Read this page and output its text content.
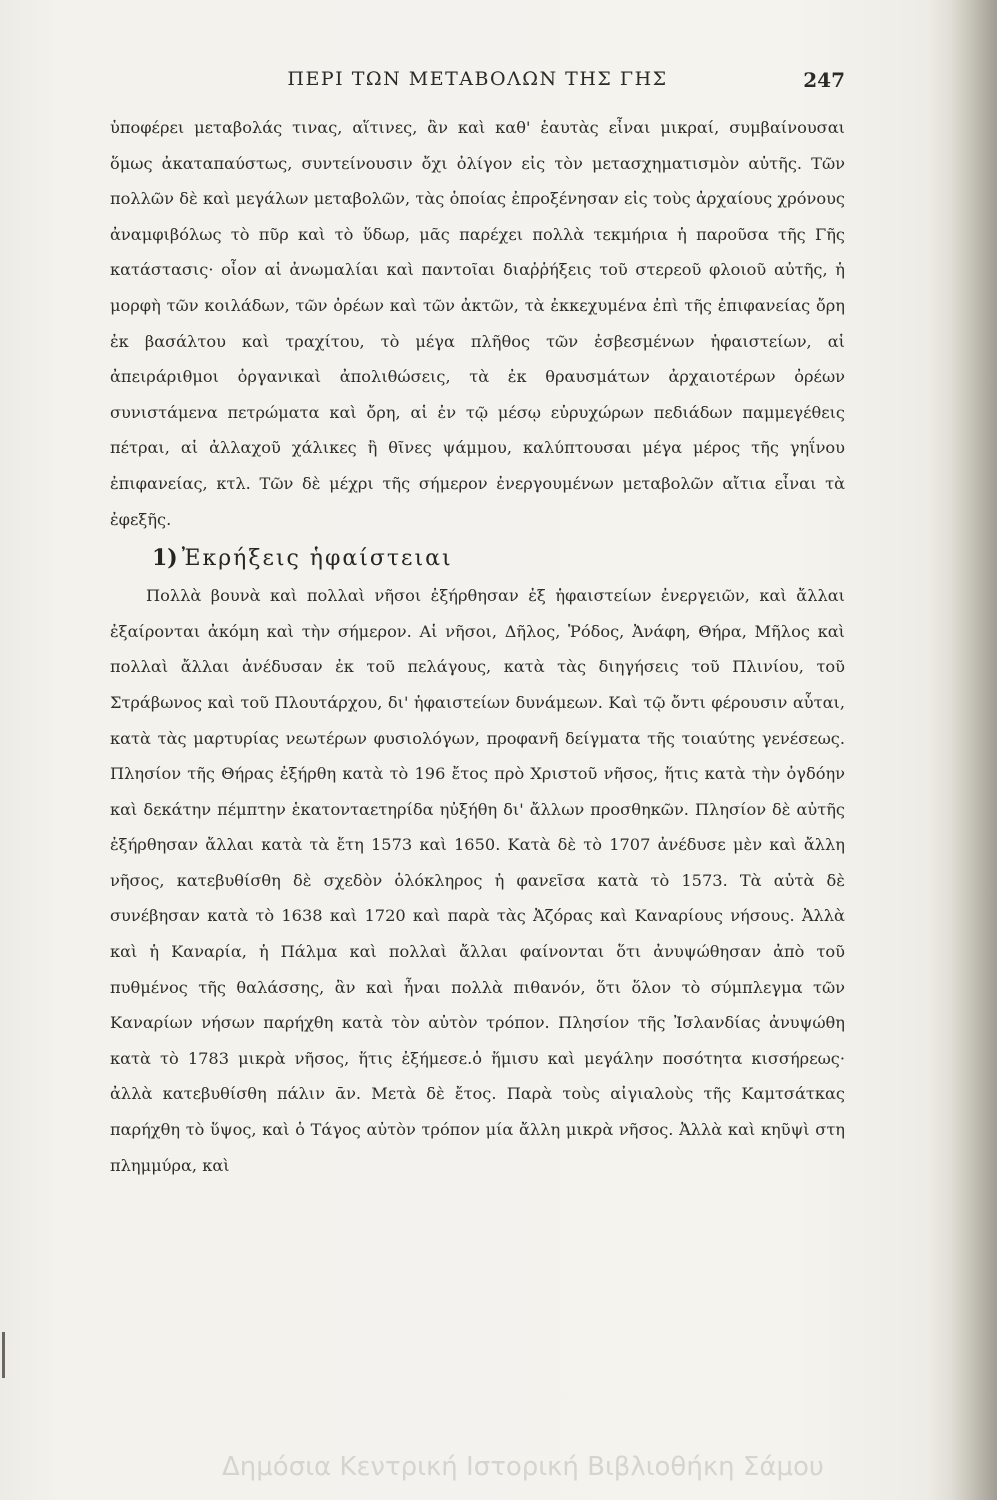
ΠΕΡΙ ΤΩΝ ΜΕΤΑΒΟΛΩΝ ΤΗΣ ΓΗΣ	247

ὑποφέρει μεταβολάς τινας, αἵτινες, ἂν καὶ καθ' ἑαυτὰς εἶναι μικραί, συμβαίνουσαι ὅμως ἀκαταπαύστως, συντείνουσιν ὄχι ὀλίγον εἰς τὸν μετασχηματισμὸν αὐτῆς. Τῶν πολλῶν δὲ καὶ μεγάλων μεταβολῶν, τὰς ὁποίας ἐπροξένησαν εἰς τοὺς ἀρχαίους χρόνους ἀναμφιβόλως τὸ πῦρ καὶ τὸ ὕδωρ, μᾶς παρέχει πολλὰ τεκμήρια ἡ παροῦσα τῆς Γῆς κατάστασις· οἷον αἱ ἀνωμαλίαι καὶ παντοῖαι διαῤῥήξεις τοῦ στερεοῦ φλοιοῦ αὐτῆς, ἡ μορφὴ τῶν κοιλάδων, τῶν ὀρέων καὶ τῶν ἀκτῶν, τὰ ἐκκεχυμένα ἐπὶ τῆς ἐπιφανείας ὄρη ἐκ βασάλτου καὶ τραχίτου, τὸ μέγα πλῆθος τῶν ἐσβεσμένων ἡφαιστείων, αἱ ἀπειράριθμοι ὀργανικαὶ ἀπολιθώσεις, τὰ ἐκ θραυσμάτων ἀρχαιοτέρων ὀρέων συνιστάμενα πετρώματα καὶ ὄρη, αἱ ἐν τῷ μέσῳ εὐρυχώρων πεδιάδων παμμεγέθεις πέτραι, αἱ ἀλλαχοῦ χάλικες ἢ θῖνες ψάμμου, καλύπτουσαι μέγα μέρος τῆς γηΐνου ἐπιφανείας, κτλ. Τῶν δὲ μέχρι τῆς σήμερον ἐνεργουμένων μεταβολῶν αἴτια εἶναι τὰ ἐφεξῆς.

1) Ἐκρήξεις ἡφαίστειαι

Πολλὰ βουνὰ καὶ πολλαὶ νῆσοι ἐξήρθησαν ἐξ ἡφαιστείων ἐνεργειῶν, καὶ ἄλλαι ἐξαίρονται ἀκόμη καὶ τὴν σήμερον. Αἱ νῆσοι, Δῆλος, Ῥόδος, Ἀνάφη, Θήρα, Μῆλος καὶ πολλαὶ ἄλλαι ἀνέδυσαν ἐκ τοῦ πελάγους, κατὰ τὰς διηγήσεις τοῦ Πλινίου, τοῦ Στράβωνος καὶ τοῦ Πλουτάρχου, δι' ἡφαιστείων δυνάμεων. Καὶ τῷ ὄντι φέρουσιν αὗται, κατὰ τὰς μαρτυρίας νεωτέρων φυσιολόγων, προφανῆ δείγματα τῆς τοιαύτης γενέσεως. Πλησίον τῆς Θήρας ἐξήρθη κατὰ τὸ 196 ἔτος πρὸ Χριστοῦ νῆσος, ἥτις κατὰ τὴν ὀγδόην καὶ δεκάτην πέμπτην ἑκατονταετηρίδα ηὐξήθη δι' ἄλλων προσθηκῶν. Πλησίον δὲ αὐτῆς ἐξήρθησαν ἄλλαι κατὰ τὰ ἔτη 1573 καὶ 1650. Κατὰ δὲ τὸ 1707 ἀνέδυσε μὲν καὶ ἄλλη νῆσος, κατεβυθίσθη δὲ σχεδὸν ὁλόκληρος ἡ φανεῖσα κατὰ τὸ 1573. Τὰ αὐτὰ δὲ συνέβησαν κατὰ τὸ 1638 καὶ 1720 καὶ παρὰ τὰς Ἀζόρας καὶ Καναρίους νήσους. Ἀλλὰ καὶ ἡ Καναρία, ἡ Πάλμα καὶ πολλαὶ ἄλλαι φαίνονται ὅτι ἀνυψώθησαν ἀπὸ τοῦ πυθμένος τῆς θαλάσσης, ἂν καὶ ἦναι πολλὰ πιθανόν, ὅτι ὅλον τὸ σύμπλεγμα τῶν Καναρίων νήσων παρήχθη κατὰ τὸν αὐτὸν τρόπον. Πλησίον τῆς Ἰσλανδίας ἀνυψώθη κατὰ τὸ 1783 μικρὰ νῆσος, ἥτις ἐξήμεσε.ὁ ἥμισυ καὶ μεγάλην ποσότητα κισσήρεως· ἀλλὰ κατεβυθίσθη πάλιν ᾱν. Μετὰ δὲ ἔτος. Παρὰ τοὺς αἰγιαλοὺς τῆς Καμτσάτκας παρήχθη τὸ ὕψος, καὶ ὁ Τάγος αὐτὸν τρόπον μία ἄλλη μικρὰ νῆσος. Ἀλλὰ καὶ κηῦψὶ στη πλημμύρα, καὶ

Δημόσια Κεντρική Ιστορική Βιβλιοθήκη Σάμου
